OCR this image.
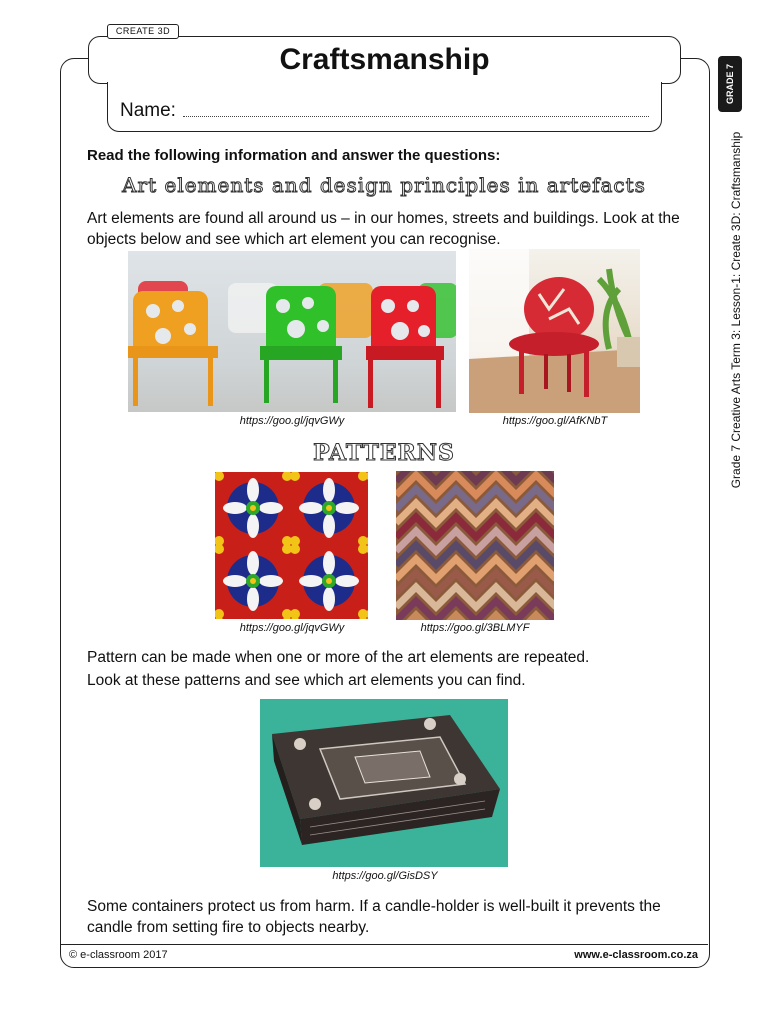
Craftsmanship
CREATE 3D
Name:
GRADE 7
Grade 7 Creative Arts Term 3: Lesson-1: Create 3D: Craftsmanship
Read the following information and answer the questions:
Art elements and design principles in artefacts
Art elements are found all around us – in our homes, streets and buildings. Look at the objects below and see which art element you can recognise.
https://goo.gl/jqvGWy	https://goo.gl/AfKNbT
PATTERNS
https://goo.gl/jqvGWy	https://goo.gl/3BLMYF
Pattern can be made when one or more of the art elements are repeated.
Look at these patterns and see which art elements you can find.
https://goo.gl/GisDSY
Some containers protect us from harm. If a candle-holder is well-built it prevents the candle from setting fire to objects nearby.
© e-classroom 2017	www.e-classroom.co.za
